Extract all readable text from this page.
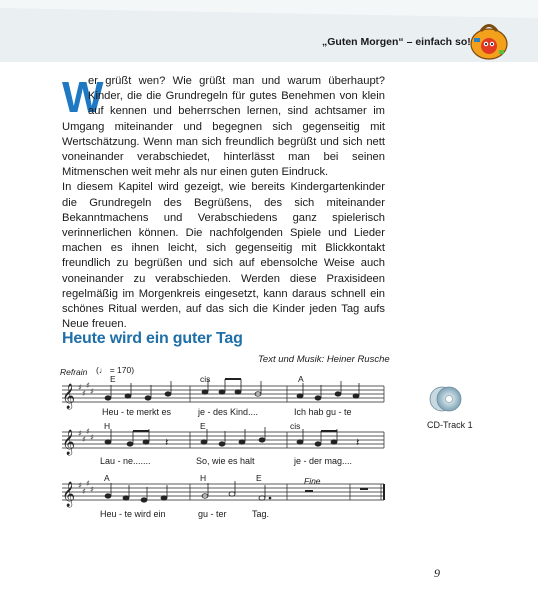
„Guten Morgen“ – einfach so!
W

er grüßt wen? Wie grüßt man und warum überhaupt? Kinder, die die Grundregeln für gutes Benehmen von klein auf kennen und beherrschen lernen, sind achtsamer im Umgang miteinander und begegnen sich gegenseitig mit Wertschätzung. Wenn man sich freundlich begrüßt und sich nett voneinander verabschiedet, hinterlässt man bei seinen Mitmenschen weit mehr als nur einen guten Eindruck.

In diesem Kapitel wird gezeigt, wie bereits Kindergartenkinder die Grundregeln des Begrüßens, des sich miteinander Bekanntmachens und Verabschiedens ganz spielerisch verinnerlichen können. Die nachfolgenden Spiele und Lieder machen es ihnen leicht, sich gegenseitig mit Blickkontakt freundlich zu begrüßen und sich auf ebensolche Weise auch voneinander zu verabschieden. Werden diese Praxisideen regelmäßig im Morgenkreis eingesetzt, kann daraus schnell ein schönes Ritual werden, auf das sich die Kinder jeden Tag aufs Neue freuen.

Heute wird ein guter Tag
Text und Musik: Heiner Rusche
Refrain (♩ = 170)
𝄞
𝄞
𝄞
♯
♯
♯
♯
♯
♯
♯
♯
♯
♯
♯
♯
𝄽	𝄽
E	cis	A
H	E	cis
A	H	E	Fine
Heu - te merkt es	je - des Kind....	Ich hab gu - te
Lau - ne.......	So, wie es halt	je - der mag....
Heu - te wird ein	gu - ter	Tag.
CD-Track 1
9
